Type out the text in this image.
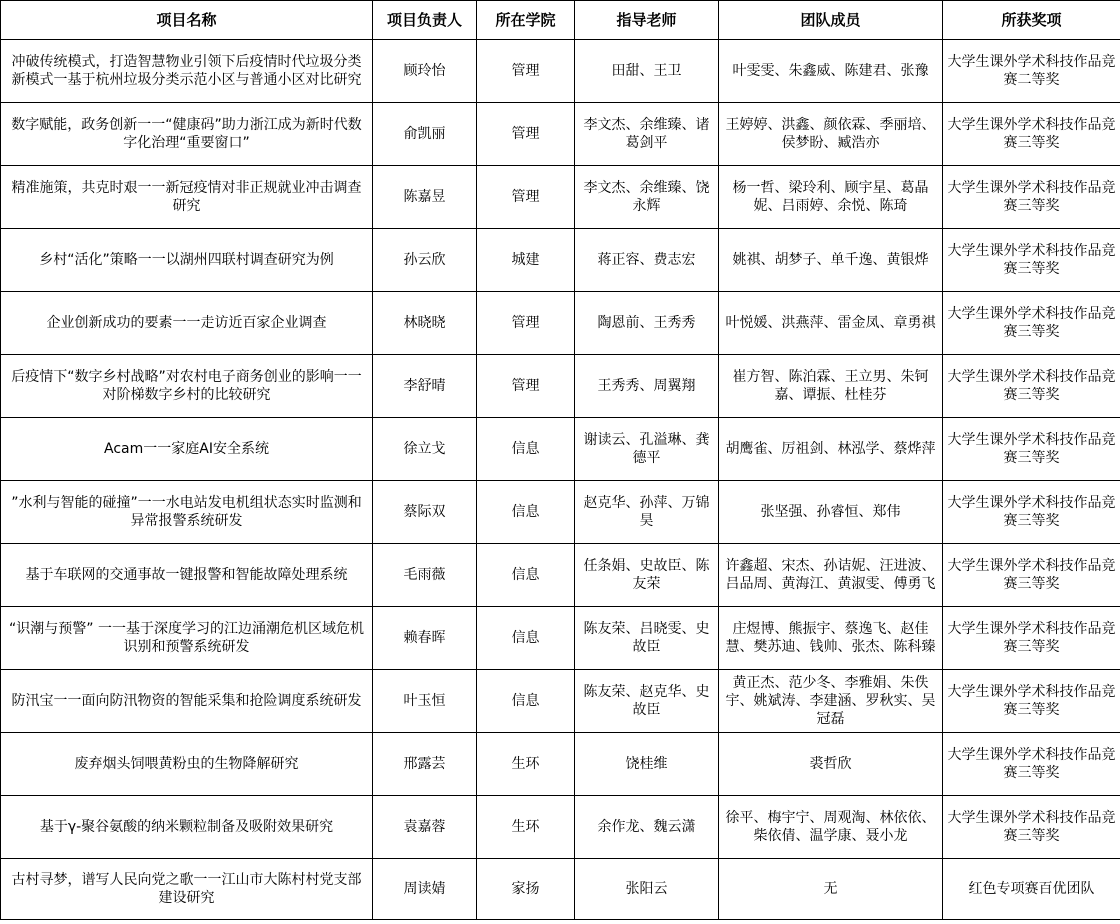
项目名称	项目负责人	所在学院	指导老师	团队成员	所获奖项
冲破传统模式，打造智慧物业引领下后疫情时代垃圾分类新模式一基于杭州垃圾分类示范小区与普通小区对比研究	顾玲怡	管理	田甜、王卫	叶雯雯、朱鑫威、陈建君、张豫	大学生课外学术科技作品竞赛二等奖
数字赋能，政务创新一一“健康码”助力浙江成为新时代数字化治理“重要窗口”	俞凯丽	管理	李文杰、余维臻、诸葛剑平	王婷婷、洪鑫、颜依霖、季丽培、侯梦盼、臧浩亦	大学生课外学术科技作品竞赛三等奖
精准施策，共克时艰一一新冠疫情对非正规就业冲击调查研究	陈嘉昱	管理	李文杰、余维臻、饶永辉	杨一哲、梁玲利、顾宇星、葛晶妮、吕雨婷、余悦、陈琦	大学生课外学术科技作品竞赛三等奖
乡村“活化”策略一一以湖州四联村调查研究为例	孙云欣	城建	蒋正容、费志宏	姚祺、胡梦子、单千逸、黄银烨	大学生课外学术科技作品竞赛三等奖
企业创新成功的要素一一走访近百家企业调查	林晓晓	管理	陶恩前、王秀秀	叶悦媛、洪燕萍、雷金凤、章勇祺	大学生课外学术科技作品竞赛三等奖
后疫情下“数字乡村战略”对农村电子商务创业的影响一一对阶梯数字乡村的比较研究	李舒晴	管理	王秀秀、周翼翔	崔方智、陈泊霖、王立男、朱钶嘉、谭振、杜桂芬	大学生课外学术科技作品竞赛三等奖
Acam一一家庭AI安全系统	徐立戈	信息	谢读云、孔溢琳、龚德平	胡鹰雀、厉祖剑、林泓学、蔡烨萍	大学生课外学术科技作品竞赛三等奖
”水利与智能的碰撞”一一水电站发电机组状态实时监测和异常报警系统研发	蔡际双	信息	赵克华、孙萍、万锦昊	张坚强、孙睿恒、郑伟	大学生课外学术科技作品竞赛三等奖
基于车联网的交通事故一键报警和智能故障处理系统	毛雨薇	信息	任条娟、史故臣、陈友荣	许鑫超、宋杰、孙诘妮、汪进波、吕品周、黄海江、黄淑雯、傅勇飞	大学生课外学术科技作品竞赛三等奖
“识潮与预警” 一一基于深度学习的江边涌潮危机区域危机识别和预警系统研发	赖春晖	信息	陈友荣、吕晓雯、史故臣	庄煜博、熊振宇、蔡逸飞、赵佳慧、樊苏迪、钱帅、张杰、陈科臻	大学生课外学术科技作品竞赛三等奖
防汛宝一一面向防汛物资的智能采集和抢险调度系统研发	叶玉恒	信息	陈友荣、赵克华、史故臣	黄正杰、范少冬、李雅娟、朱佚宇、姚斌涛、李建涵、罗秋实、吴冠磊	大学生课外学术科技作品竞赛三等奖
废弃烟头饲喂黄粉虫的生物降解研究	邢露芸	生环	饶桂维	裘哲欣	大学生课外学术科技作品竞赛三等奖
基于γ-聚谷氨酸的纳米颗粒制备及吸附效果研究	袁嘉蓉	生环	余作龙、魏云潇	徐平、梅宇宁、周观淘、林依依、柴依倩、温学康、聂小龙	大学生课外学术科技作品竞赛三等奖
古村寻梦，谱写人民向党之歌一一江山市大陈村村党支部建设研究	周读婧	家扬	张阳云	无	红色专项赛百优团队
